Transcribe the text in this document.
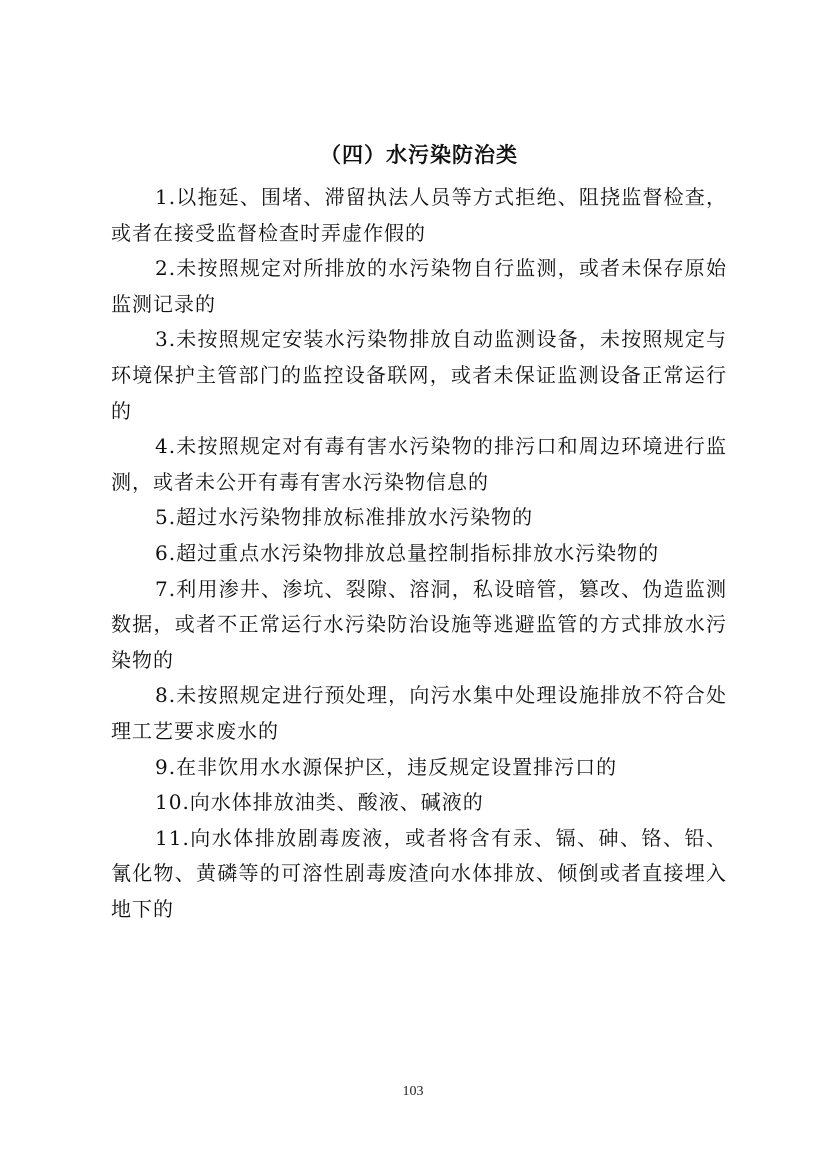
（四）水污染防治类

1.以拖延、围堵、滞留执法人员等方式拒绝、阻挠监督检查，或者在接受监督检查时弄虚作假的

2.未按照规定对所排放的水污染物自行监测，或者未保存原始监测记录的

3.未按照规定安装水污染物排放自动监测设备，未按照规定与环境保护主管部门的监控设备联网，或者未保证监测设备正常运行的

4.未按照规定对有毒有害水污染物的排污口和周边环境进行监测，或者未公开有毒有害水污染物信息的

5.超过水污染物排放标准排放水污染物的

6.超过重点水污染物排放总量控制指标排放水污染物的

7.利用渗井、渗坑、裂隙、溶洞，私设暗管，篡改、伪造监测数据，或者不正常运行水污染防治设施等逃避监管的方式排放水污染物的

8.未按照规定进行预处理，向污水集中处理设施排放不符合处理工艺要求废水的

9.在非饮用水水源保护区，违反规定设置排污口的

10.向水体排放油类、酸液、碱液的

11.向水体排放剧毒废液，或者将含有汞、镉、砷、铬、铅、氰化物、黄磷等的可溶性剧毒废渣向水体排放、倾倒或者直接埋入地下的

103
